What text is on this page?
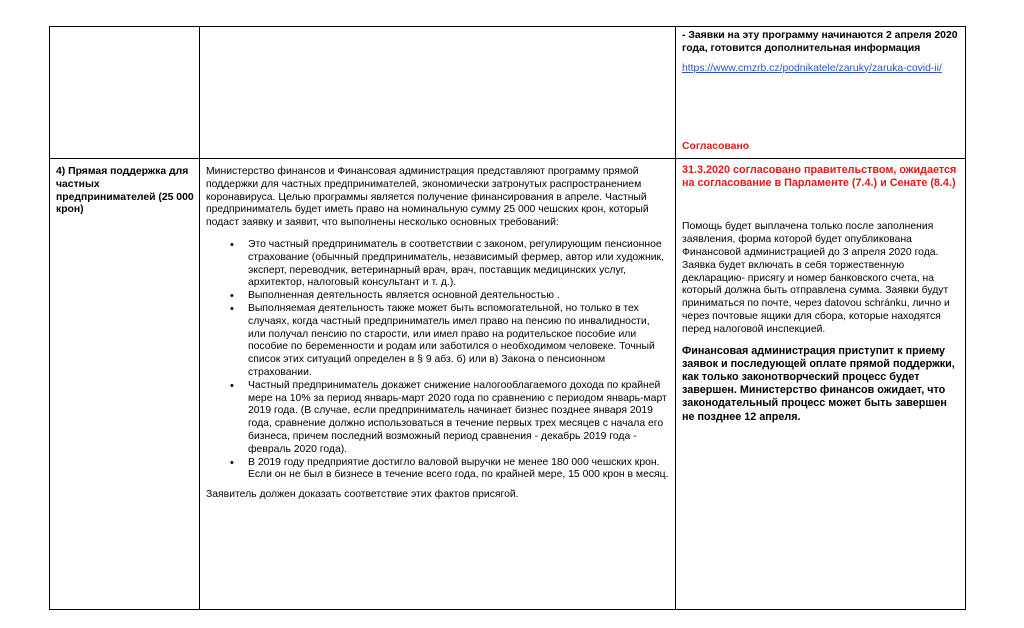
- Заявки на эту программу начинаются 2 апреля 2020 года, готовится дополнительная информация

https://www.cmzrb.cz/podnikatele/zaruky/zaruka-covid-ii/

Согласовано

4) Прямая поддержка для частных предпринимателей (25 000 крон)

Министерство финансов и Финансовая администрация представляют программу прямой поддержки для частных предпринимателей, экономически затронутых распространением коронавируса. Целью программы является получение финансирования в апреле. Частный предприниматель будет иметь право на номинальную сумму 25 000 чешских крон, который подаст заявку и заявит, что выполнены несколько основных требований:

• Это частный предприниматель в соответствии с законом, регулирующим пенсионное страхование (обычный предприниматель, независимый фермер, автор или художник, эксперт, переводчик, ветеринарный врач, врач, поставщик медицинских услуг, архитектор, налоговый консультант и т. д.).
• Выполненная деятельность является основной деятельностью .
• Выполняемая деятельность также может быть вспомогательной, но только в тех случаях, когда частный предприниматель имел право на пенсию по инвалидности, или получал пенсию по старости, или имел право на родительское пособие или пособие по беременности и родам или заботился о необходимом человеке. Точный список этих ситуаций определен в § 9 абз. б) или в) Закона о пенсионном страховании.
• Частный предприниматель докажет снижение налогооблагаемого дохода по крайней мере на 10% за период январь-март 2020 года по сравнению с периодом январь-март 2019 года. (В случае, если предприниматель начинает бизнес позднее января 2019 года, сравнение должно использоваться в течение первых трех месяцев с начала его бизнеса, причем последний возможный период сравнения - декабрь 2019 года - февраль 2020 года).
• В 2019 году предприятие достигло валовой выручки не менее 180 000 чешских крон. Если он не был в бизнесе в течение всего года, по крайней мере, 15 000 крон в месяц.

Заявитель должен доказать соответствие этих фактов присягой.

31.3.2020 согласовано правительством, ожидается на согласование в Парламенте (7.4.) и Сенате (8.4.)

Помощь будет выплачена только после заполнения заявления, форма которой будет опубликована Финансовой администрацией до 3 апреля 2020 года. Заявка будет включать в себя торжественную декларацию- присягу и номер банковского счета, на который должна быть отправлена сумма. Заявки будут приниматься по почте, через datovou schránku, лично и через почтовые ящики для сбора, которые находятся перед налоговой инспекцией.

Финансовая администрация приступит к приему заявок и последующей оплате прямой поддержки, как только законотворческий процесс будет завершен. Министерство финансов ожидает, что законодательный процесс может быть завершен не позднее 12 апреля.
